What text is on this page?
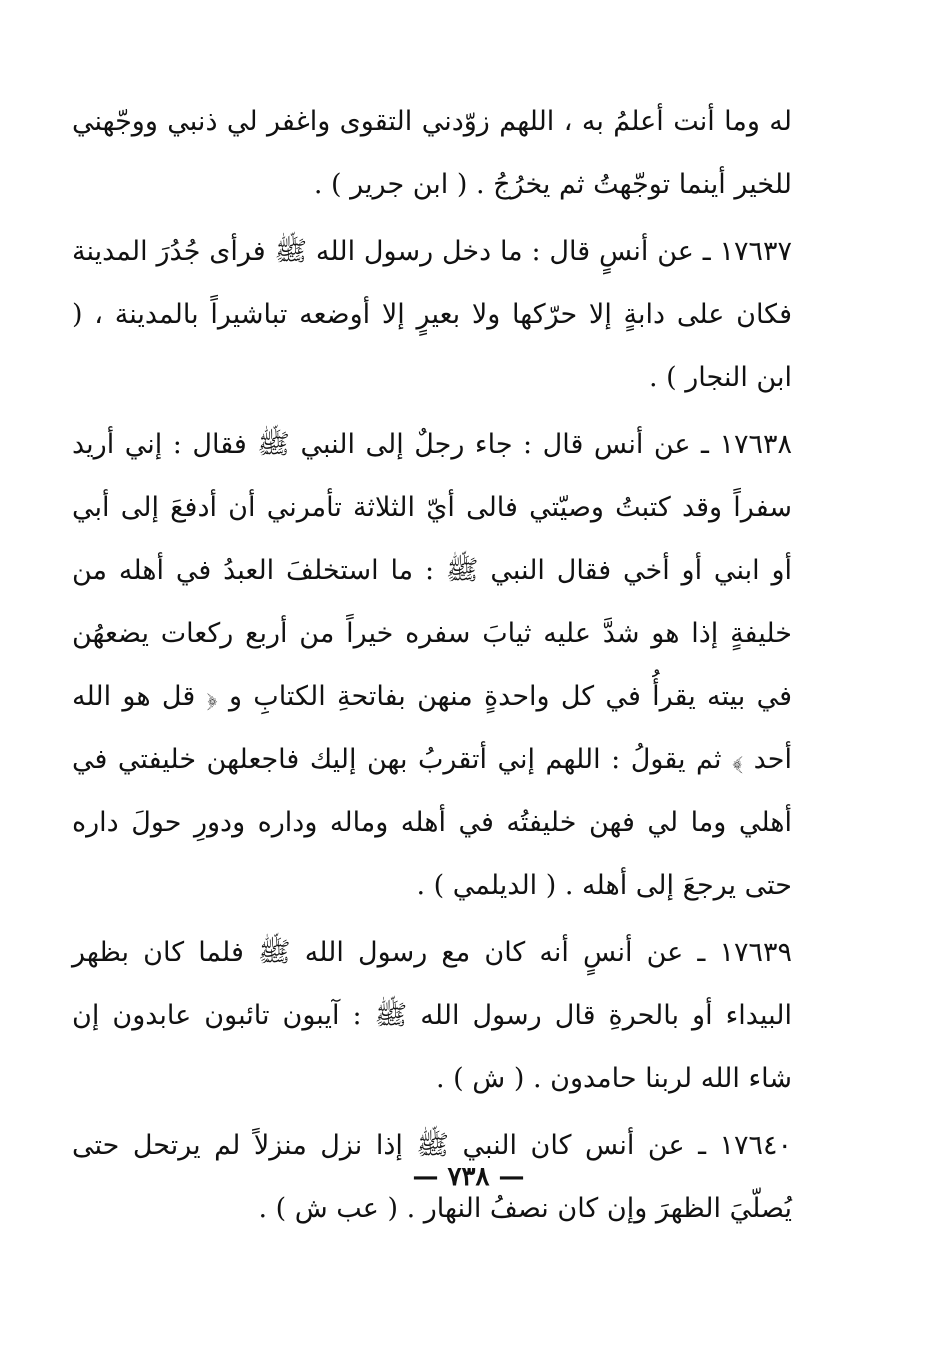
له وما أنت أعلمُ به ، اللهم زوّدني التقوى واغفر لي ذنبي ووجّهني للخير أينما توجّهتُ ثم يخرُجُ . ( ابن جرير ) .

١٧٦٣٧ ـ عن أنسٍ قال : ما دخل رسول الله ﷺ فرأى جُدُرَ المدينة فكان على دابةٍ إلا حرّكها ولا بعيرٍ إلا أوضعه تباشيراً بالمدينة ، ( ابن النجار ) .

١٧٦٣٨ ـ عن أنس قال : جاء رجلٌ إلى النبي ﷺ فقال : إني أريد سفراً وقد كتبتُ وصيّتي فالى أيّ الثلاثة تأمرني أن أدفعَ إلى أبي أو ابني أو أخي فقال النبي ﷺ : ما استخلفَ العبدُ في أهله من خليفةٍ إذا هو شدَّ عليه ثيابَ سفره خيراً من أربع ركعات يضعهُن في بيته يقرأُ في كل واحدةٍ منهن بفاتحةِ الكتابِ و ﴿ قل هو الله أحد ﴾ ثم يقولُ : اللهم إني أتقربُ بهن إليك فاجعلهن خليفتي في أهلي وما لي فهن خليفتُه في أهله وماله وداره ودورِ حولَ داره حتى يرجعَ إلى أهله . ( الديلمي ) .

١٧٦٣٩ ـ عن أنسٍ أنه كان مع رسول الله ﷺ فلما كان بظهر البيداء أو بالحرةِ قال رسول الله ﷺ : آيبون تائبون عابدون إن شاء الله لربنا حامدون . ( ش ) .

١٧٦٤٠ ـ عن أنس كان النبي ﷺ إذا نزل منزلاً لم يرتحل حتى يُصلّيَ الظهرَ وإن كان نصفُ النهار . ( عب ش ) .

— ٧٣٨ —
